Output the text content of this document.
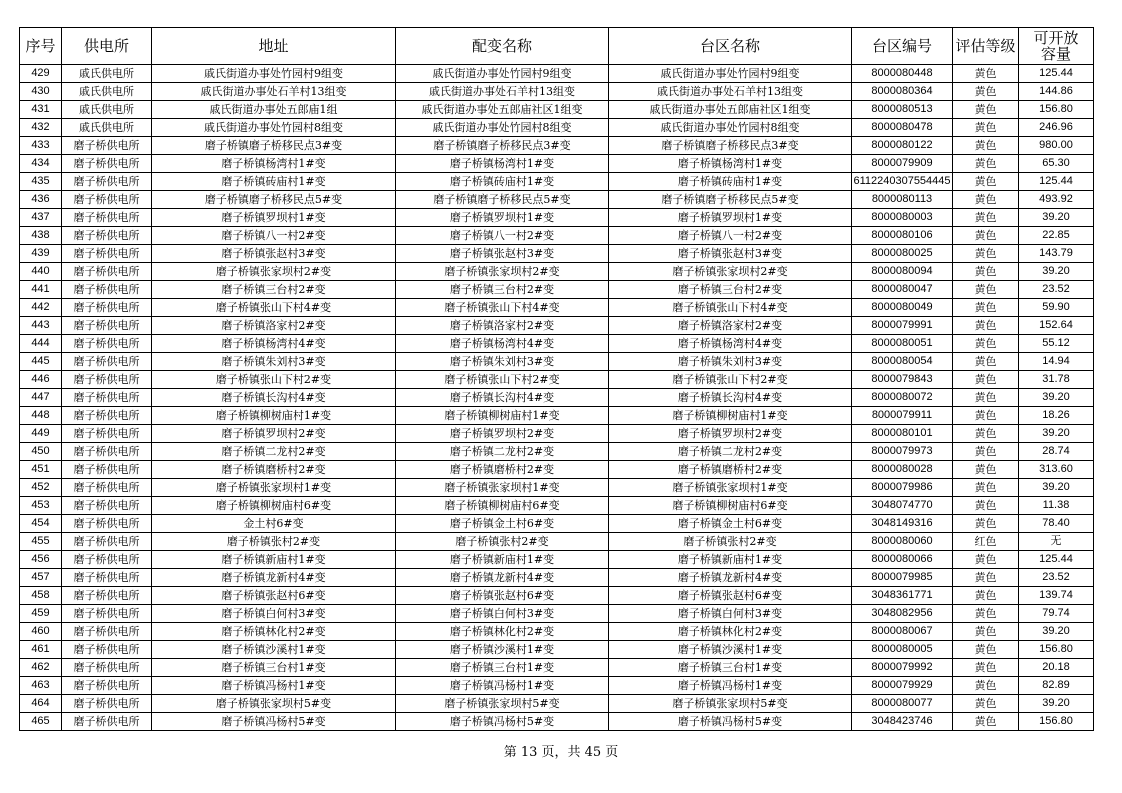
序号	供电所	地址	配变名称	台区名称	台区编号	评估等级	可开放容量
429	戚氏供电所	戚氏街道办事处竹园村9组变	戚氏街道办事处竹园村9组变	戚氏街道办事处竹园村9组变	8000080448	黄色	125.44
430	戚氏供电所	戚氏街道办事处石羊村13组变	戚氏街道办事处石羊村13组变	戚氏街道办事处石羊村13组变	8000080364	黄色	144.86
431	戚氏供电所	戚氏街道办事处五郎庙1组	戚氏街道办事处五郎庙社区1组变	戚氏街道办事处五郎庙社区1组变	8000080513	黄色	156.80
432	戚氏供电所	戚氏街道办事处竹园村8组变	戚氏街道办事处竹园村8组变	戚氏街道办事处竹园村8组变	8000080478	黄色	246.96
433	磨子桥供电所	磨子桥镇磨子桥移民点3#变	磨子桥镇磨子桥移民点3#变	磨子桥镇磨子桥移民点3#变	8000080122	黄色	980.00
434	磨子桥供电所	磨子桥镇杨湾村1#变	磨子桥镇杨湾村1#变	磨子桥镇杨湾村1#变	8000079909	黄色	65.30
435	磨子桥供电所	磨子桥镇砖庙村1#变	磨子桥镇砖庙村1#变	磨子桥镇砖庙村1#变	6112240307554445	黄色	125.44
436	磨子桥供电所	磨子桥镇磨子桥移民点5#变	磨子桥镇磨子桥移民点5#变	磨子桥镇磨子桥移民点5#变	8000080113	黄色	493.92
437	磨子桥供电所	磨子桥镇罗坝村1#变	磨子桥镇罗坝村1#变	磨子桥镇罗坝村1#变	8000080003	黄色	39.20
438	磨子桥供电所	磨子桥镇八一村2#变	磨子桥镇八一村2#变	磨子桥镇八一村2#变	8000080106	黄色	22.85
439	磨子桥供电所	磨子桥镇张赵村3#变	磨子桥镇张赵村3#变	磨子桥镇张赵村3#变	8000080025	黄色	143.79
440	磨子桥供电所	磨子桥镇张家坝村2#变	磨子桥镇张家坝村2#变	磨子桥镇张家坝村2#变	8000080094	黄色	39.20
441	磨子桥供电所	磨子桥镇三台村2#变	磨子桥镇三台村2#变	磨子桥镇三台村2#变	8000080047	黄色	23.52
442	磨子桥供电所	磨子桥镇张山下村4#变	磨子桥镇张山下村4#变	磨子桥镇张山下村4#变	8000080049	黄色	59.90
443	磨子桥供电所	磨子桥镇洛家村2#变	磨子桥镇洛家村2#变	磨子桥镇洛家村2#变	8000079991	黄色	152.64
444	磨子桥供电所	磨子桥镇杨湾村4#变	磨子桥镇杨湾村4#变	磨子桥镇杨湾村4#变	8000080051	黄色	55.12
445	磨子桥供电所	磨子桥镇朱刘村3#变	磨子桥镇朱刘村3#变	磨子桥镇朱刘村3#变	8000080054	黄色	14.94
446	磨子桥供电所	磨子桥镇张山下村2#变	磨子桥镇张山下村2#变	磨子桥镇张山下村2#变	8000079843	黄色	31.78
447	磨子桥供电所	磨子桥镇长沟村4#变	磨子桥镇长沟村4#变	磨子桥镇长沟村4#变	8000080072	黄色	39.20
448	磨子桥供电所	磨子桥镇柳树庙村1#变	磨子桥镇柳树庙村1#变	磨子桥镇柳树庙村1#变	8000079911	黄色	18.26
449	磨子桥供电所	磨子桥镇罗坝村2#变	磨子桥镇罗坝村2#变	磨子桥镇罗坝村2#变	8000080101	黄色	39.20
450	磨子桥供电所	磨子桥镇二龙村2#变	磨子桥镇二龙村2#变	磨子桥镇二龙村2#变	8000079973	黄色	28.74
451	磨子桥供电所	磨子桥镇磨桥村2#变	磨子桥镇磨桥村2#变	磨子桥镇磨桥村2#变	8000080028	黄色	313.60
452	磨子桥供电所	磨子桥镇张家坝村1#变	磨子桥镇张家坝村1#变	磨子桥镇张家坝村1#变	8000079986	黄色	39.20
453	磨子桥供电所	磨子桥镇柳树庙村6#变	磨子桥镇柳树庙村6#变	磨子桥镇柳树庙村6#变	3048074770	黄色	11.38
454	磨子桥供电所	金土村6#变	磨子桥镇金土村6#变	磨子桥镇金土村6#变	3048149316	黄色	78.40
455	磨子桥供电所	磨子桥镇张村2#变	磨子桥镇张村2#变	磨子桥镇张村2#变	8000080060	红色	无
456	磨子桥供电所	磨子桥镇新庙村1#变	磨子桥镇新庙村1#变	磨子桥镇新庙村1#变	8000080066	黄色	125.44
457	磨子桥供电所	磨子桥镇龙新村4#变	磨子桥镇龙新村4#变	磨子桥镇龙新村4#变	8000079985	黄色	23.52
458	磨子桥供电所	磨子桥镇张赵村6#变	磨子桥镇张赵村6#变	磨子桥镇张赵村6#变	3048361771	黄色	139.74
459	磨子桥供电所	磨子桥镇白何村3#变	磨子桥镇白何村3#变	磨子桥镇白何村3#变	3048082956	黄色	79.74
460	磨子桥供电所	磨子桥镇林化村2#变	磨子桥镇林化村2#变	磨子桥镇林化村2#变	8000080067	黄色	39.20
461	磨子桥供电所	磨子桥镇沙溪村1#变	磨子桥镇沙溪村1#变	磨子桥镇沙溪村1#变	8000080005	黄色	156.80
462	磨子桥供电所	磨子桥镇三台村1#变	磨子桥镇三台村1#变	磨子桥镇三台村1#变	8000079992	黄色	20.18
463	磨子桥供电所	磨子桥镇冯杨村1#变	磨子桥镇冯杨村1#变	磨子桥镇冯杨村1#变	8000079929	黄色	82.89
464	磨子桥供电所	磨子桥镇张家坝村5#变	磨子桥镇张家坝村5#变	磨子桥镇张家坝村5#变	8000080077	黄色	39.20
465	磨子桥供电所	磨子桥镇冯杨村5#变	磨子桥镇冯杨村5#变	磨子桥镇冯杨村5#变	3048423746	黄色	156.80
第 13 页，共 45 页
